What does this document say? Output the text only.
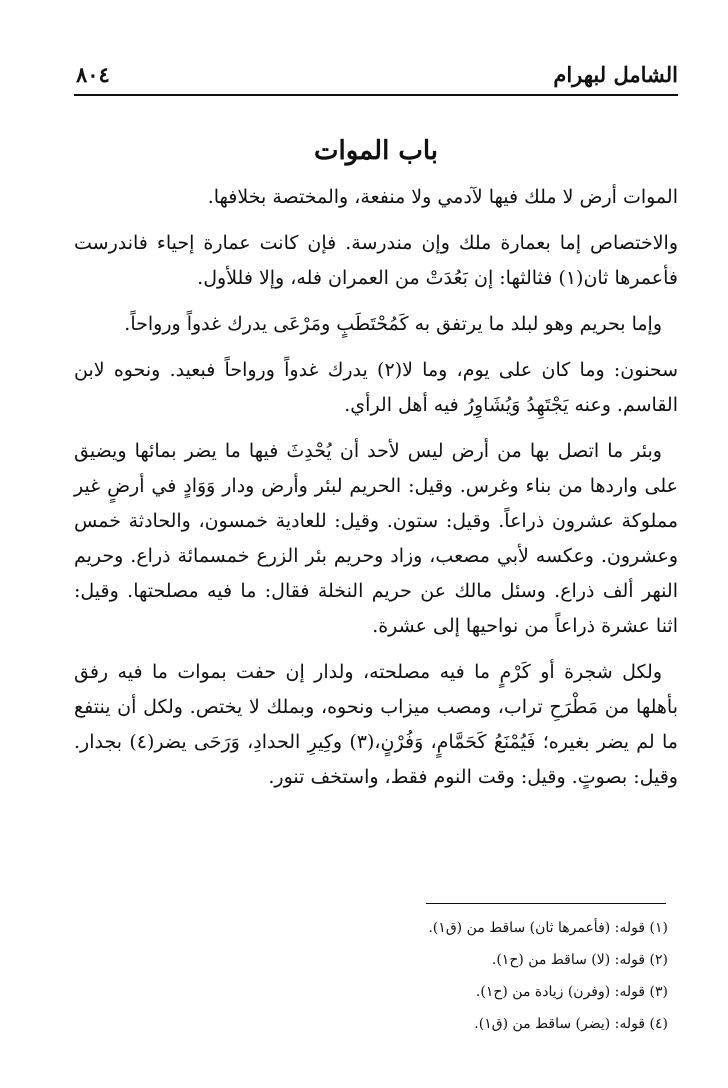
الشامل لبهرام
٨٠٤
باب الموات

الموات أرض لا ملك فيها لآدمي ولا منفعة، والمختصة بخلافها.

والاختصاص إما بعمارة ملك وإن مندرسة. فإن كانت عمارة إحياء فاندرست فأعمرها ثان(١) فثالثها: إن بَعُدَتْ من العمران فله، وإلا فللأول.

وإما بحريم وهو لبلد ما يرتفق به كَمُحْتَطَبٍ ومَرْعَى يدرك غدواً ورواحاً.

سحنون: وما كان على يوم، وما لا(٢) يدرك غدواً ورواحاً فبعيد. ونحوه لابن القاسم. وعنه يَجْتَهِدُ وَيُشَاوِرُ فيه أهل الرأي.

وبئر ما اتصل بها من أرض ليس لأحد أن يُحْدِثَ فيها ما يضر بمائها ويضيق على واردها من بناء وغرس. وقيل: الحريم لبئر وأرض ودار وَوَادٍ في أرضٍ غير مملوكة عشرون ذراعاً. وقيل: ستون. وقيل: للعادية خمسون، والحادثة خمس وعشرون. وعكسه لأبي مصعب، وزاد وحريم بئر الزرع خمسمائة ذراع. وحريم النهر ألف ذراع. وسئل مالك عن حريم النخلة فقال: ما فيه مصلحتها. وقيل: اثنا عشرة ذراعاً من نواحيها إلى عشرة.

ولكل شجرة أو كَرْمٍ ما فيه مصلحته، ولدار إن حفت بموات ما فيه رفق بأهلها من مَطْرَحِ تراب، ومصب ميزاب ونحوه، وبملك لا يختص. ولكل أن ينتفع ما لم يضر بغيره؛ فَيُمْنَعُ كَحَمَّامٍ، وَفُرْنٍ،(٣) وكِيرِ الحدادِ، وَرَحَى يضر(٤) بجدار. وقيل: بصوتٍ. وقيل: وقت النوم فقط، واستخف تنور.

(١) قوله: (فأعمرها ثان) ساقط من (ق١).
(٢) قوله: (لا) ساقط من (ح١).
(٣) قوله: (وفرن) زيادة من (ح١).
(٤) قوله: (يضر) ساقط من (ق١).
